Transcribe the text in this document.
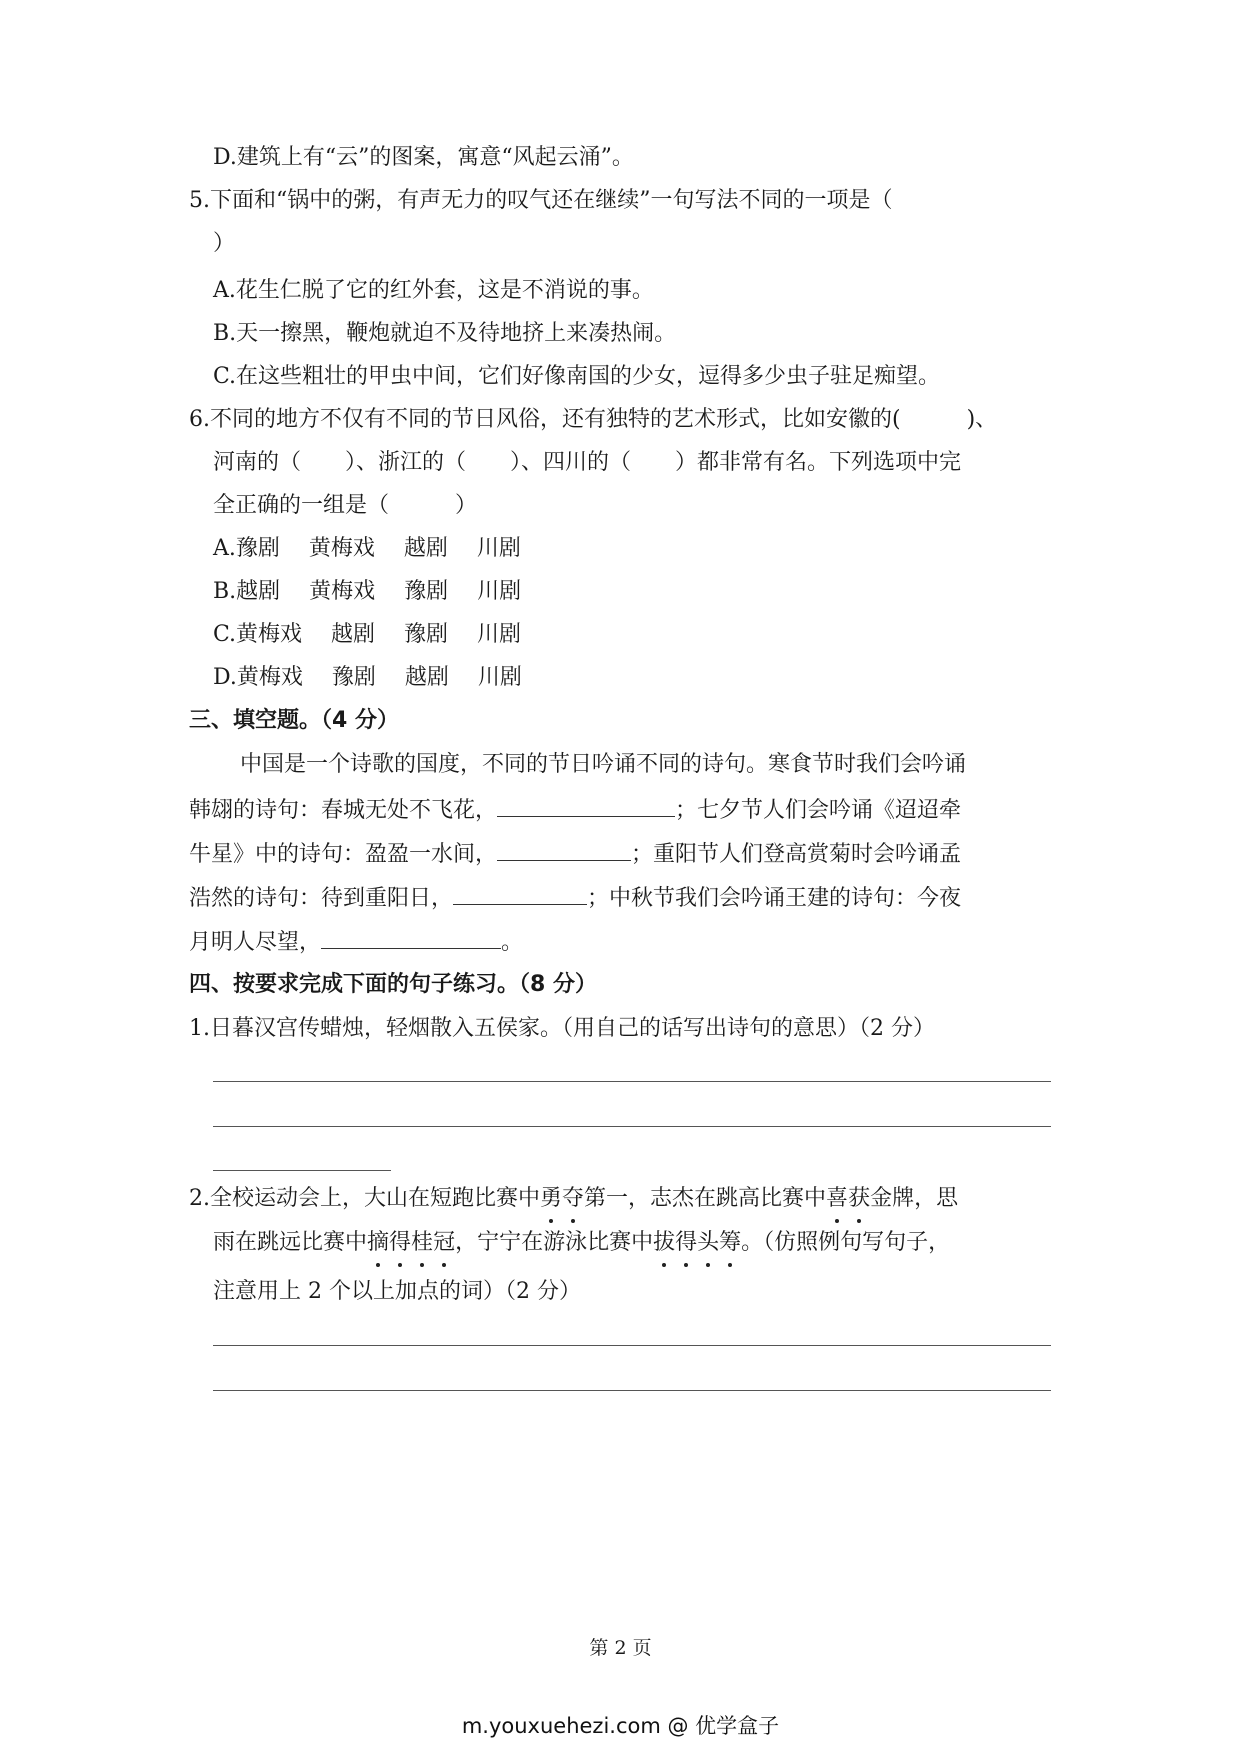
D.建筑上有“云”的图案，寓意“风起云涌”。
5.下面和“锅中的粥，有声无力的叹气还在继续”一句写法不同的一项是（
）
A.花生仁脱了它的红外套，这是不消说的事。
B.天一擦黑，鞭炮就迫不及待地挤上来凑热闹。
C.在这些粗壮的甲虫中间，它们好像南国的少女，逗得多少虫子驻足痴望。
6.不同的地方不仅有不同的节日风俗，还有独特的艺术形式，比如安徽的(　　　)、
河南的（　　）、浙江的（　　）、四川的（　　）都非常有名。下列选项中完
全正确的一组是（　　　）
A.豫剧　 黄梅戏　 越剧　 川剧
B.越剧　 黄梅戏　 豫剧　 川剧
C.黄梅戏　 越剧　 豫剧　 川剧
D.黄梅戏　 豫剧　 越剧　 川剧
三、填空题。（4 分）
中国是一个诗歌的国度，不同的节日吟诵不同的诗句。寒食节时我们会吟诵
韩翃的诗句：春城无处不飞花，	；七夕节人们会吟诵《迢迢牵
牛星》中的诗句：盈盈一水间，	；重阳节人们登高赏菊时会吟诵孟
浩然的诗句：待到重阳日，	；中秋节我们会吟诵王建的诗句：今夜
月明人尽望，	。
四、按要求完成下面的句子练习。（8 分）
1.日暮汉宫传蜡烛，轻烟散入五侯家。（用自己的话写出诗句的意思）（2 分）
2.全校运动会上，大山在短跑比赛中勇夺第一，志杰在跳高比赛中喜获金牌，思
雨在跳远比赛中摘得桂冠，宁宁在游泳比赛中拔得头筹。（仿照例句写句子，
注意用上 2 个以上加点的词）（2 分）
第 2 页
m.youxuehezi.com @ 优学盒子
